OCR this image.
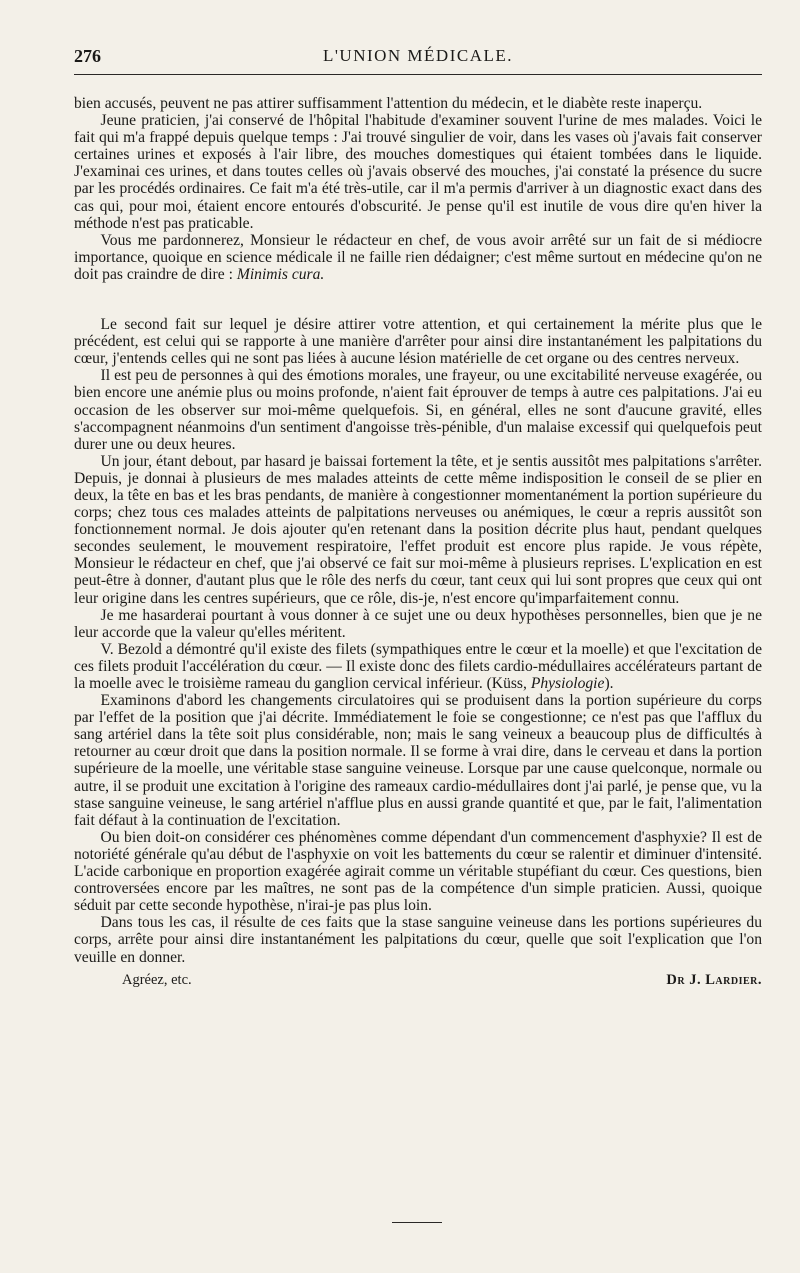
276	L'UNION MÉDICALE.

bien accusés, peuvent ne pas attirer suffisamment l'attention du médecin, et le diabète reste inaperçu.

Jeune praticien, j'ai conservé de l'hôpital l'habitude d'examiner souvent l'urine de mes malades. Voici le fait qui m'a frappé depuis quelque temps : J'ai trouvé singulier de voir, dans les vases où j'avais fait conserver certaines urines et exposés à l'air libre, des mouches domestiques qui étaient tombées dans le liquide. J'examinai ces urines, et dans toutes celles où j'avais observé des mouches, j'ai constaté la présence du sucre par les procédés ordinaires. Ce fait m'a été très-utile, car il m'a permis d'arriver à un diagnostic exact dans des cas qui, pour moi, étaient encore entourés d'obscurité. Je pense qu'il est inutile de vous dire qu'en hiver la méthode n'est pas praticable.

Vous me pardonnerez, Monsieur le rédacteur en chef, de vous avoir arrêté sur un fait de si médiocre importance, quoique en science médicale il ne faille rien dédaigner; c'est même surtout en médecine qu'on ne doit pas craindre de dire : Minimis cura.

Le second fait sur lequel je désire attirer votre attention, et qui certainement la mérite plus que le précédent, est celui qui se rapporte à une manière d'arrêter pour ainsi dire instantanément les palpitations du cœur, j'entends celles qui ne sont pas liées à aucune lésion matérielle de cet organe ou des centres nerveux.

Il est peu de personnes à qui des émotions morales, une frayeur, ou une excitabilité nerveuse exagérée, ou bien encore une anémie plus ou moins profonde, n'aient fait éprouver de temps à autre ces palpitations. J'ai eu occasion de les observer sur moi-même quelquefois. Si, en général, elles ne sont d'aucune gravité, elles s'accompagnent néanmoins d'un sentiment d'angoisse très-pénible, d'un malaise excessif qui quelquefois peut durer une ou deux heures.

Un jour, étant debout, par hasard je baissai fortement la tête, et je sentis aussitôt mes palpitations s'arrêter. Depuis, je donnai à plusieurs de mes malades atteints de cette même indisposition le conseil de se plier en deux, la tête en bas et les bras pendants, de manière à congestionner momentanément la portion supérieure du corps; chez tous ces malades atteints de palpitations nerveuses ou anémiques, le cœur a repris aussitôt son fonctionnement normal. Je dois ajouter qu'en retenant dans la position décrite plus haut, pendant quelques secondes seulement, le mouvement respiratoire, l'effet produit est encore plus rapide. Je vous répète, Monsieur le rédacteur en chef, que j'ai observé ce fait sur moi-même à plusieurs reprises. L'explication en est peut-être à donner, d'autant plus que le rôle des nerfs du cœur, tant ceux qui lui sont propres que ceux qui ont leur origine dans les centres supérieurs, que ce rôle, dis-je, n'est encore qu'imparfaitement connu.

Je me hasarderai pourtant à vous donner à ce sujet une ou deux hypothèses personnelles, bien que je ne leur accorde que la valeur qu'elles méritent.

V. Bezold a démontré qu'il existe des filets (sympathiques entre le cœur et la moelle) et que l'excitation de ces filets produit l'accélération du cœur. — Il existe donc des filets cardio-médullaires accélérateurs partant de la moelle avec le troisième rameau du ganglion cervical inférieur. (Küss, Physiologie).

Examinons d'abord les changements circulatoires qui se produisent dans la portion supérieure du corps par l'effet de la position que j'ai décrite. Immédiatement le foie se congestionne; ce n'est pas que l'afflux du sang artériel dans la tête soit plus considérable, non; mais le sang veineux a beaucoup plus de difficultés à retourner au cœur droit que dans la position normale. Il se forme à vrai dire, dans le cerveau et dans la portion supérieure de la moelle, une véritable stase sanguine veineuse. Lorsque par une cause quelconque, normale ou autre, il se produit une excitation à l'origine des rameaux cardio-médullaires dont j'ai parlé, je pense que, vu la stase sanguine veineuse, le sang artériel n'afflue plus en aussi grande quantité et que, par le fait, l'alimentation fait défaut à la continuation de l'excitation.

Ou bien doit-on considérer ces phénomènes comme dépendant d'un commencement d'asphyxie? Il est de notoriété générale qu'au début de l'asphyxie on voit les battements du cœur se ralentir et diminuer d'intensité. L'acide carbonique en proportion exagérée agirait comme un véritable stupéfiant du cœur. Ces questions, bien controversées encore par les maîtres, ne sont pas de la compétence d'un simple praticien. Aussi, quoique séduit par cette seconde hypothèse, n'irai-je pas plus loin.

Dans tous les cas, il résulte de ces faits que la stase sanguine veineuse dans les portions supérieures du corps, arrête pour ainsi dire instantanément les palpitations du cœur, quelle que soit l'explication que l'on veuille en donner.

Agréez, etc.	Dr J. Lardier.
